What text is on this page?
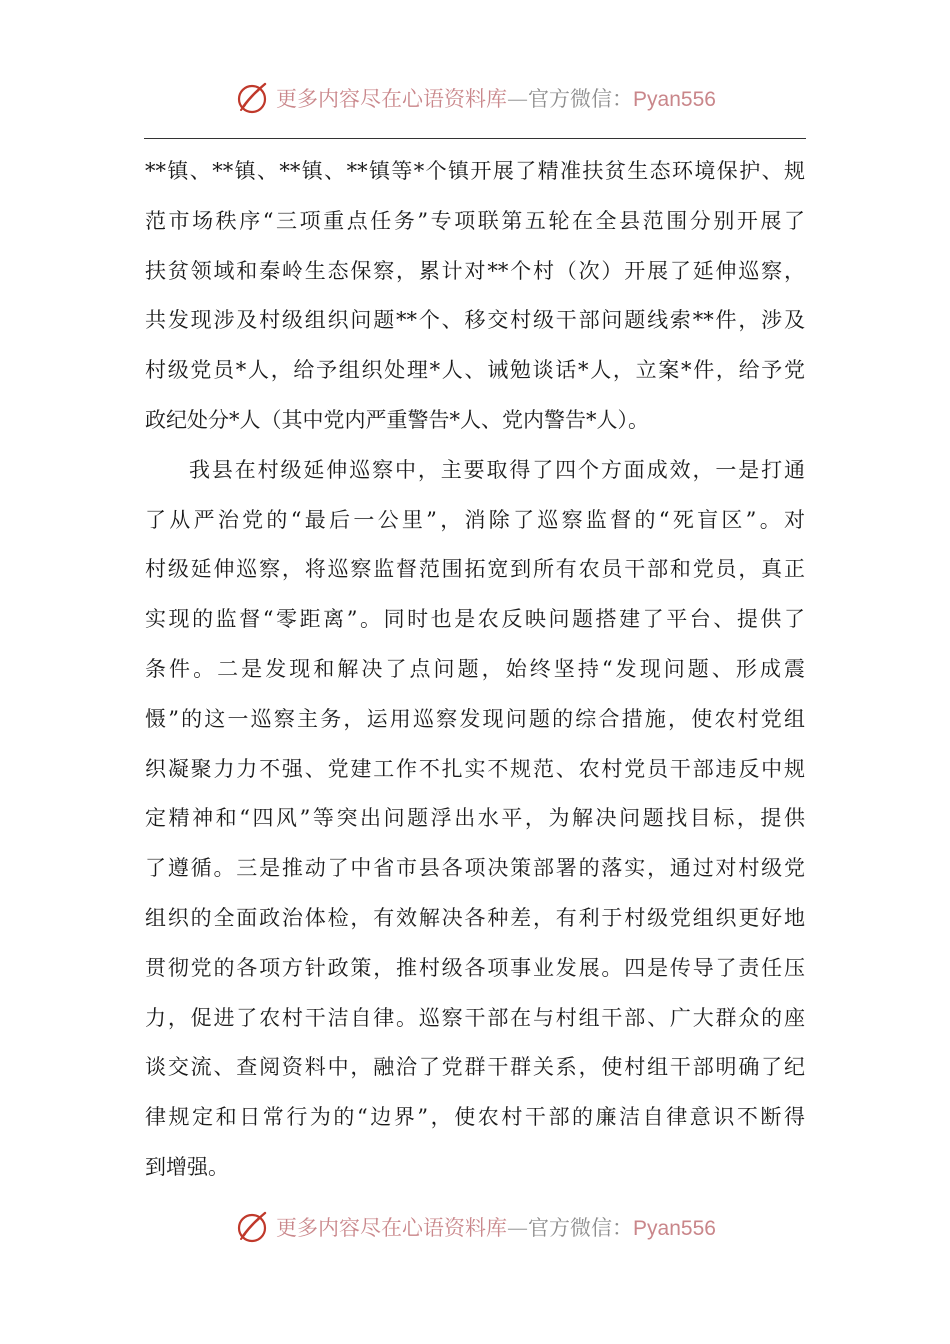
更多内容尽在心语资料库—官方微信：Pyan556
**镇、**镇、**镇、**镇等*个镇开展了精准扶贫生态环境保护、规
范市场秩序“三项重点任务”专项联第五轮在全县范围分别开展了
扶贫领域和秦岭生态保察，累计对**个村（次）开展了延伸巡察，
共发现涉及村级组织问题**个、移交村级干部问题线索**件，涉及
村级党员*人，给予组织处理*人、诫勉谈话*人，立案*件，给予党
政纪处分*人（其中党内严重警告*人、党内警告*人）。
我县在村级延伸巡察中，主要取得了四个方面成效，一是打通
了从严治党的“最后一公里”，消除了巡察监督的“死盲区”。对
村级延伸巡察，将巡察监督范围拓宽到所有农员干部和党员，真正
实现的监督“零距离”。同时也是农反映问题搭建了平台、提供了
条件。二是发现和解决了点问题，始终坚持“发现问题、形成震
慑”的这一巡察主务，运用巡察发现问题的综合措施，使农村党组
织凝聚力力不强、党建工作不扎实不规范、农村党员干部违反中规
定精神和“四风”等突出问题浮出水平，为解决问题找目标，提供
了遵循。三是推动了中省市县各项决策部署的落实，通过对村级党
组织的全面政治体检，有效解决各种差，有利于村级党组织更好地
贯彻党的各项方针政策，推村级各项事业发展。四是传导了责任压
力，促进了农村干洁自律。巡察干部在与村组干部、广大群众的座
谈交流、查阅资料中，融洽了党群干群关系，使村组干部明确了纪
律规定和日常行为的“边界”，使农村干部的廉洁自律意识不断得
到增强。
更多内容尽在心语资料库—官方微信：Pyan556
